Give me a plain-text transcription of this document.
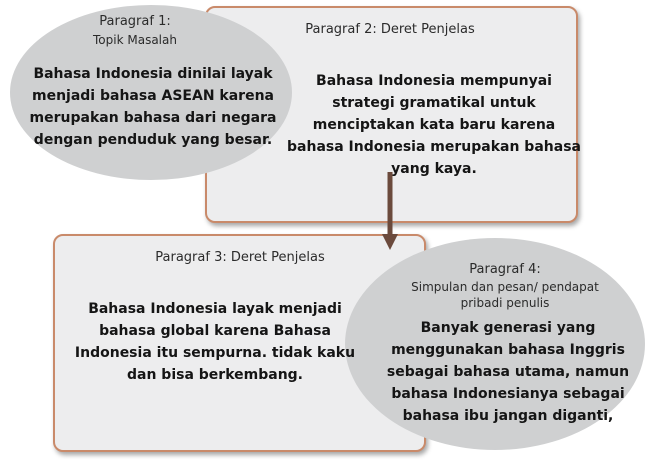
Paragraf 1:

Topik Masalah

Bahasa Indonesia dinilai layak menjadi bahasa ASEAN karena merupakan bahasa dari negara dengan penduduk yang besar.

Paragraf 2: Deret Penjelas

Bahasa Indonesia mempunyai strategi gramatikal untuk menciptakan kata baru karena bahasa Indonesia merupakan bahasa yang kaya.

Paragraf 3: Deret Penjelas

Bahasa Indonesia layak menjadi bahasa global karena Bahasa Indonesia itu sempurna. tidak kaku dan bisa berkembang.

Paragraf 4:

Simpulan dan pesan/ pendapat pribadi penulis

Banyak generasi yang menggunakan bahasa Inggris sebagai bahasa utama, namun bahasa Indonesianya sebagai bahasa ibu jangan diganti,
